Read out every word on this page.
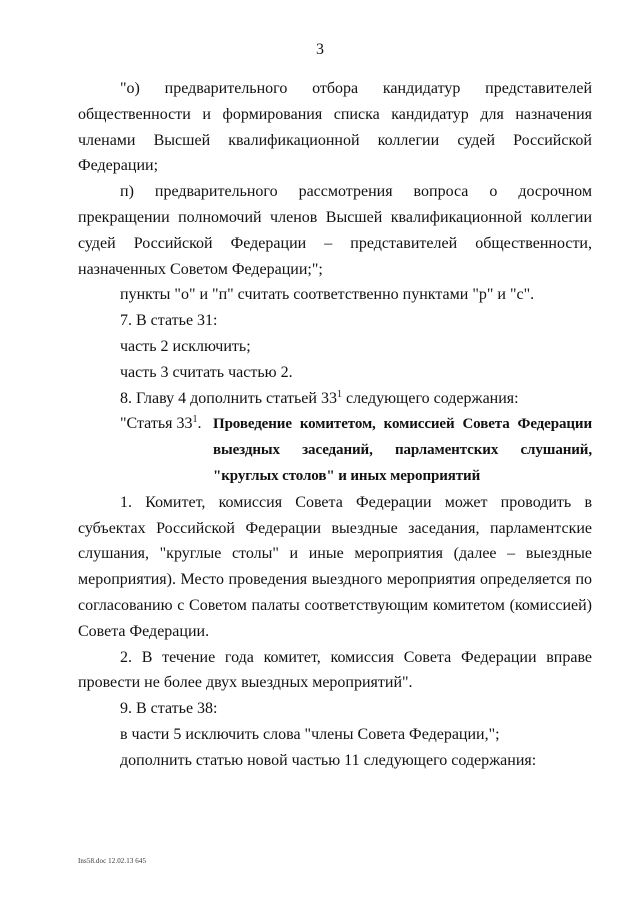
3

"о) предварительного отбора кандидатур представителей

общественности и формирования списка кандидатур для назначения членами Высшей квалификационной коллегии судей Российской Федерации;

п) предварительного рассмотрения вопроса о досрочном

прекращении полномочий членов Высшей квалификационной коллегии судей Российской Федерации – представителей общественности, назначенных Советом Федерации;";

пункты "о" и "п" считать соответственно пунктами "р" и "с".

7. В статье 31:

часть 2 исключить;

часть 3 считать частью 2.

8. Главу 4 дополнить статьей $33^1$ следующего содержания:

"Статья $33^1$. Проведение комитетом, комиссией Совета Федерации
выездных заседаний, парламентских слушаний,
"круглых столов" и иных мероприятий

1. Комитет, комиссия Совета Федерации может проводить в субъектах Российской Федерации выездные заседания, парламентские слушания, "круглые столы" и иные мероприятия (далее – выездные мероприятия). Место проведения выездного мероприятия определяется по согласованию с Советом палаты соответствующим комитетом (комиссией) Совета Федерации.

2. В течение года комитет, комиссия Совета Федерации вправе провести не более двух выездных мероприятий".

9. В статье 38:

в части 5 исключить слова "члены Совета Федерации,";

дополнить статью новой частью 11 следующего содержания:

Ins58.doc 12.02.13 645
